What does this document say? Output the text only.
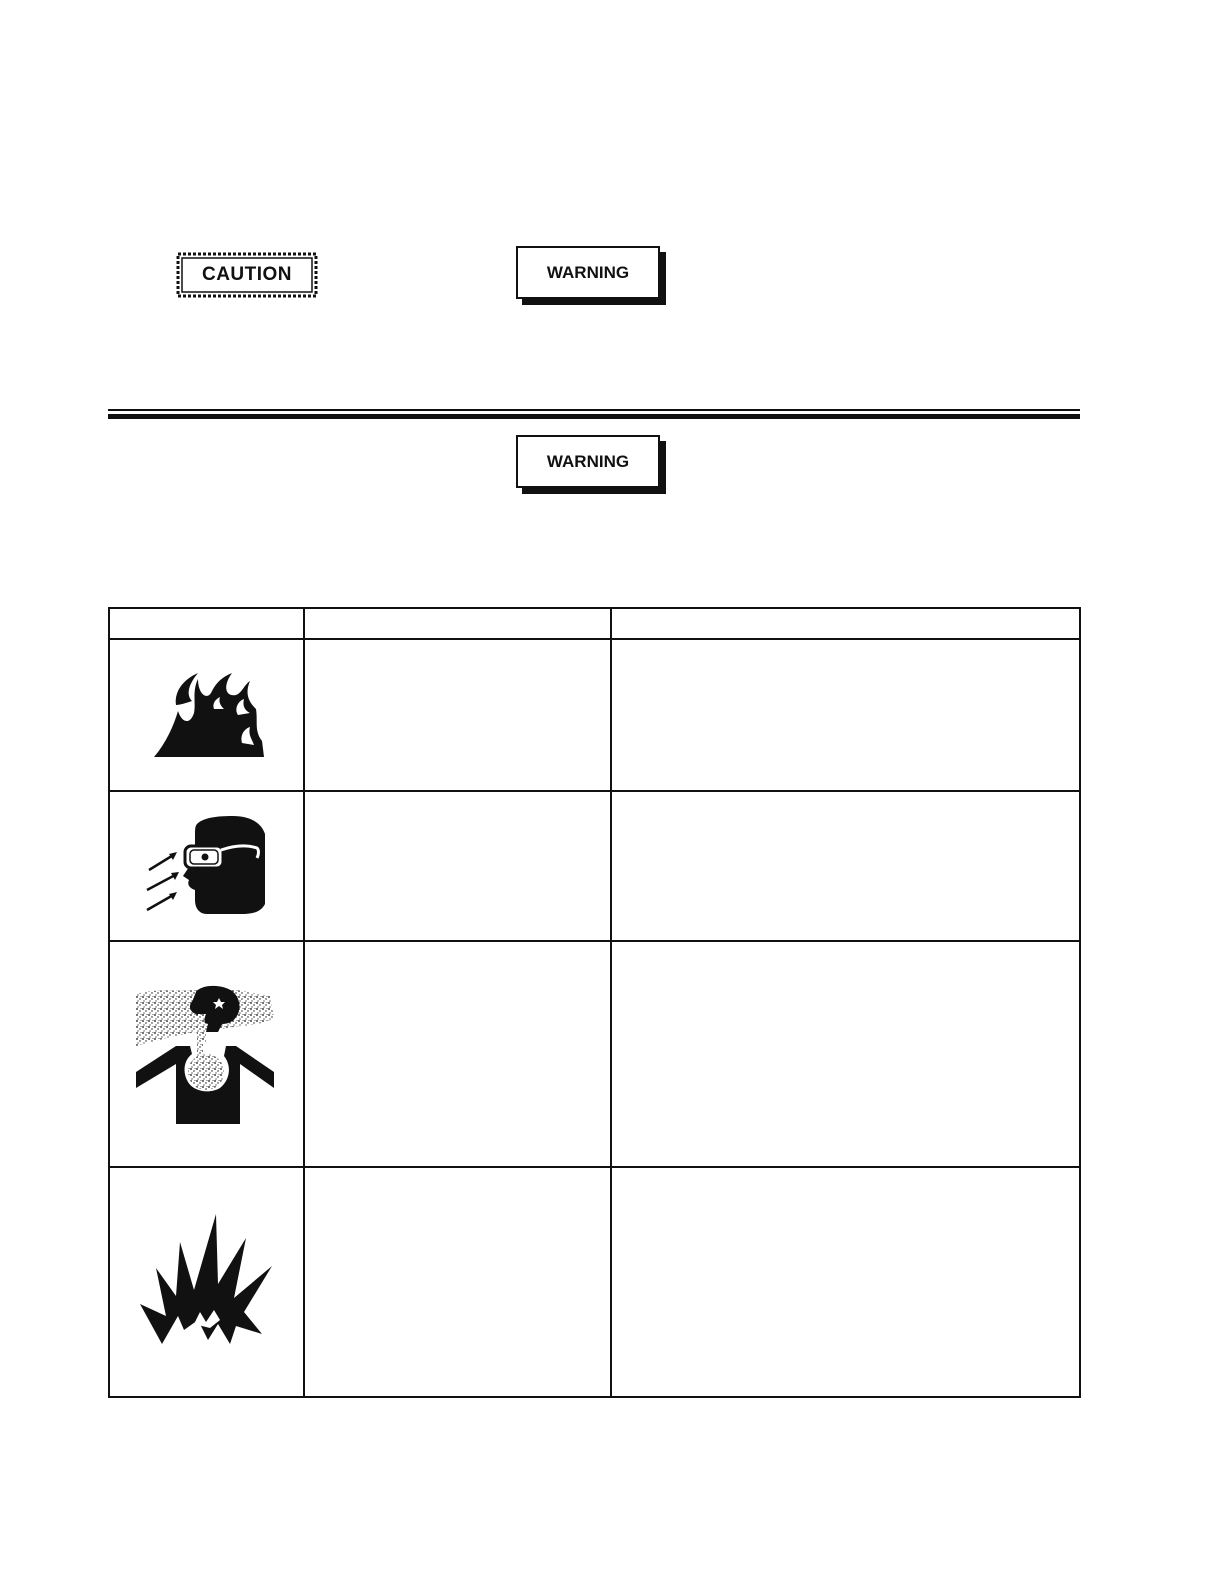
CAUTION	WARNING
WARNING
